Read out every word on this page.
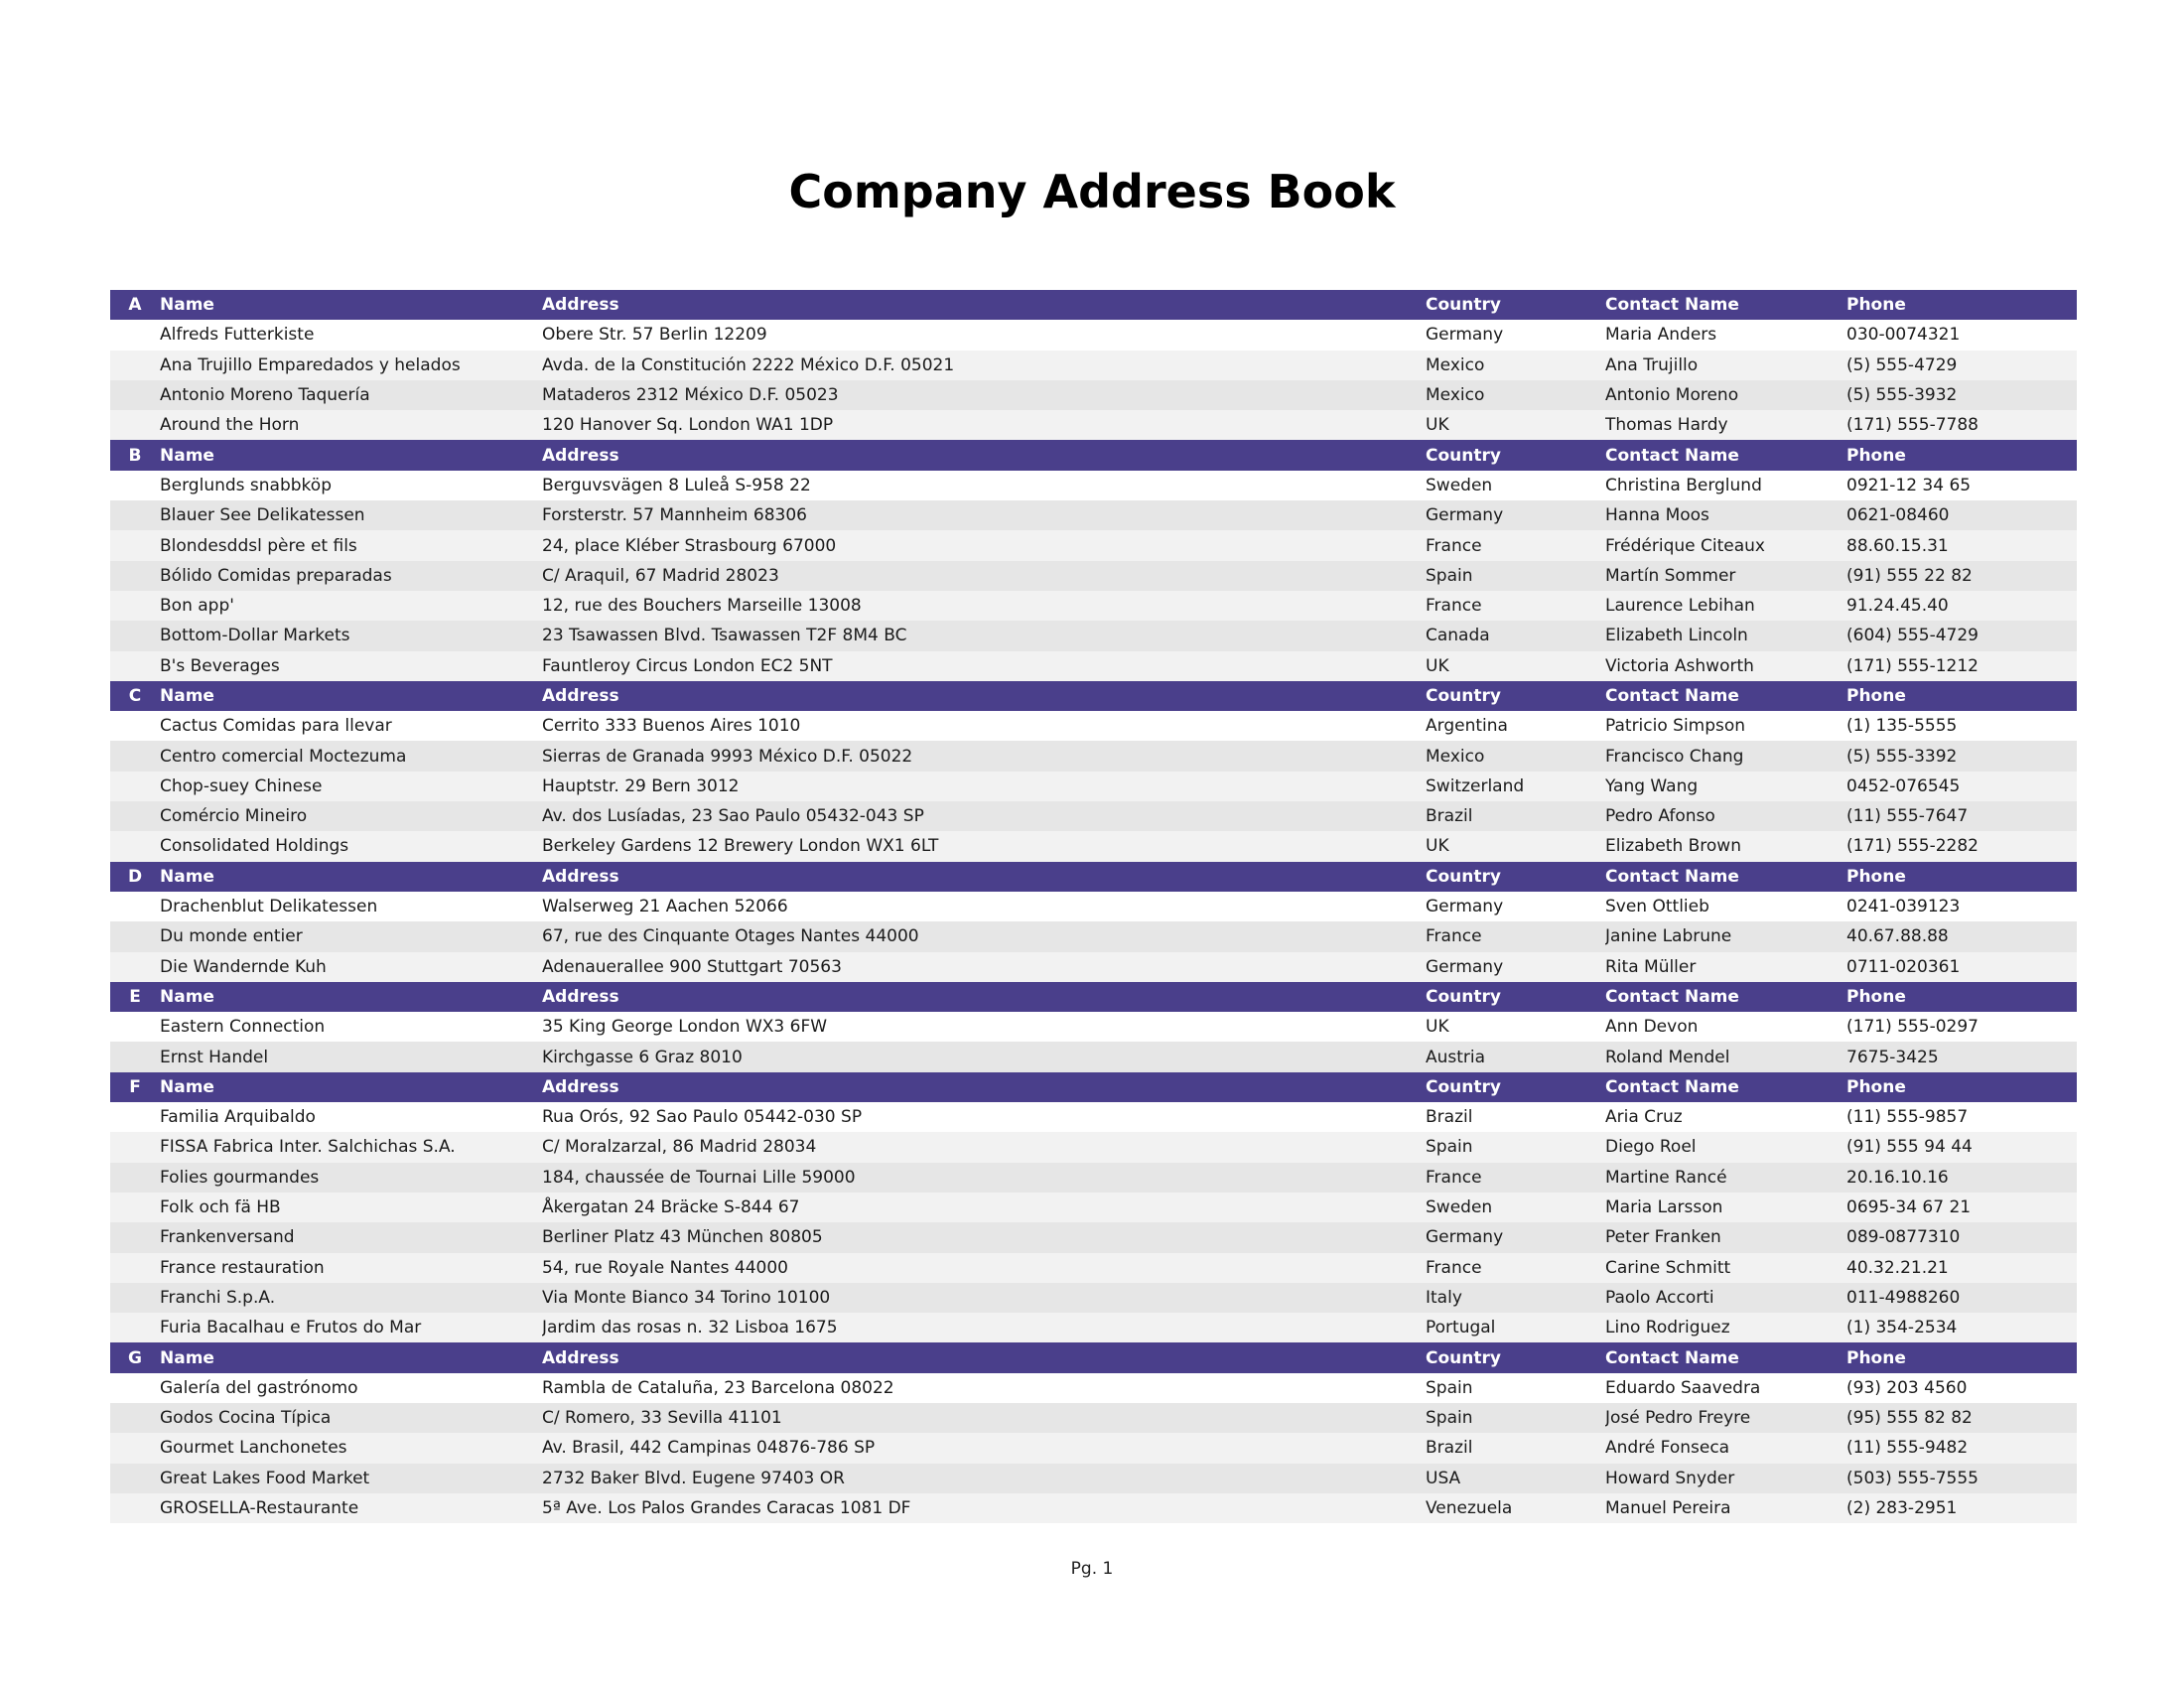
Company Address Book
A	Name	Address	Country	Contact Name	Phone
	Alfreds Futterkiste	Obere Str. 57 Berlin 12209	Germany	Maria Anders	030-0074321
	Ana Trujillo Emparedados y helados	Avda. de la Constitución 2222 México D.F. 05021	Mexico	Ana Trujillo	(5) 555-4729
	Antonio Moreno Taquería	Mataderos 2312 México D.F. 05023	Mexico	Antonio Moreno	(5) 555-3932
	Around the Horn	120 Hanover Sq. London WA1 1DP	UK	Thomas Hardy	(171) 555-7788
B	Name	Address	Country	Contact Name	Phone
	Berglunds snabbköp	Berguvsvägen 8 Luleå S-958 22	Sweden	Christina Berglund	0921-12 34 65
	Blauer See Delikatessen	Forsterstr. 57 Mannheim 68306	Germany	Hanna Moos	0621-08460
	Blondesddsl père et fils	24, place Kléber Strasbourg 67000	France	Frédérique Citeaux	88.60.15.31
	Bólido Comidas preparadas	C/ Araquil, 67 Madrid 28023	Spain	Martín Sommer	(91) 555 22 82
	Bon app'	12, rue des Bouchers Marseille 13008	France	Laurence Lebihan	91.24.45.40
	Bottom-Dollar Markets	23 Tsawassen Blvd. Tsawassen T2F 8M4 BC	Canada	Elizabeth Lincoln	(604) 555-4729
	B's Beverages	Fauntleroy Circus London EC2 5NT	UK	Victoria Ashworth	(171) 555-1212
C	Name	Address	Country	Contact Name	Phone
	Cactus Comidas para llevar	Cerrito 333 Buenos Aires 1010	Argentina	Patricio Simpson	(1) 135-5555
	Centro comercial Moctezuma	Sierras de Granada 9993 México D.F. 05022	Mexico	Francisco Chang	(5) 555-3392
	Chop-suey Chinese	Hauptstr. 29 Bern 3012	Switzerland	Yang Wang	0452-076545
	Comércio Mineiro	Av. dos Lusíadas, 23 Sao Paulo 05432-043 SP	Brazil	Pedro Afonso	(11) 555-7647
	Consolidated Holdings	Berkeley Gardens 12 Brewery London WX1 6LT	UK	Elizabeth Brown	(171) 555-2282
D	Name	Address	Country	Contact Name	Phone
	Drachenblut Delikatessen	Walserweg 21 Aachen 52066	Germany	Sven Ottlieb	0241-039123
	Du monde entier	67, rue des Cinquante Otages Nantes 44000	France	Janine Labrune	40.67.88.88
	Die Wandernde Kuh	Adenauerallee 900 Stuttgart 70563	Germany	Rita Müller	0711-020361
E	Name	Address	Country	Contact Name	Phone
	Eastern Connection	35 King George London WX3 6FW	UK	Ann Devon	(171) 555-0297
	Ernst Handel	Kirchgasse 6 Graz 8010	Austria	Roland Mendel	7675-3425
F	Name	Address	Country	Contact Name	Phone
	Familia Arquibaldo	Rua Orós, 92 Sao Paulo 05442-030 SP	Brazil	Aria Cruz	(11) 555-9857
	FISSA Fabrica Inter. Salchichas S.A.	C/ Moralzarzal, 86 Madrid 28034	Spain	Diego Roel	(91) 555 94 44
	Folies gourmandes	184, chaussée de Tournai Lille 59000	France	Martine Rancé	20.16.10.16
	Folk och fä HB	Åkergatan 24 Bräcke S-844 67	Sweden	Maria Larsson	0695-34 67 21
	Frankenversand	Berliner Platz 43 München 80805	Germany	Peter Franken	089-0877310
	France restauration	54, rue Royale Nantes 44000	France	Carine Schmitt	40.32.21.21
	Franchi S.p.A.	Via Monte Bianco 34 Torino 10100	Italy	Paolo Accorti	011-4988260
	Furia Bacalhau e Frutos do Mar	Jardim das rosas n. 32 Lisboa 1675	Portugal	Lino Rodriguez	(1) 354-2534
G	Name	Address	Country	Contact Name	Phone
	Galería del gastrónomo	Rambla de Cataluña, 23 Barcelona 08022	Spain	Eduardo Saavedra	(93) 203 4560
	Godos Cocina Típica	C/ Romero, 33 Sevilla 41101	Spain	José Pedro Freyre	(95) 555 82 82
	Gourmet Lanchonetes	Av. Brasil, 442 Campinas 04876-786 SP	Brazil	André Fonseca	(11) 555-9482
	Great Lakes Food Market	2732 Baker Blvd. Eugene 97403 OR	USA	Howard Snyder	(503) 555-7555
	GROSELLA-Restaurante	5ª Ave. Los Palos Grandes Caracas 1081 DF	Venezuela	Manuel Pereira	(2) 283-2951
Pg. 1
